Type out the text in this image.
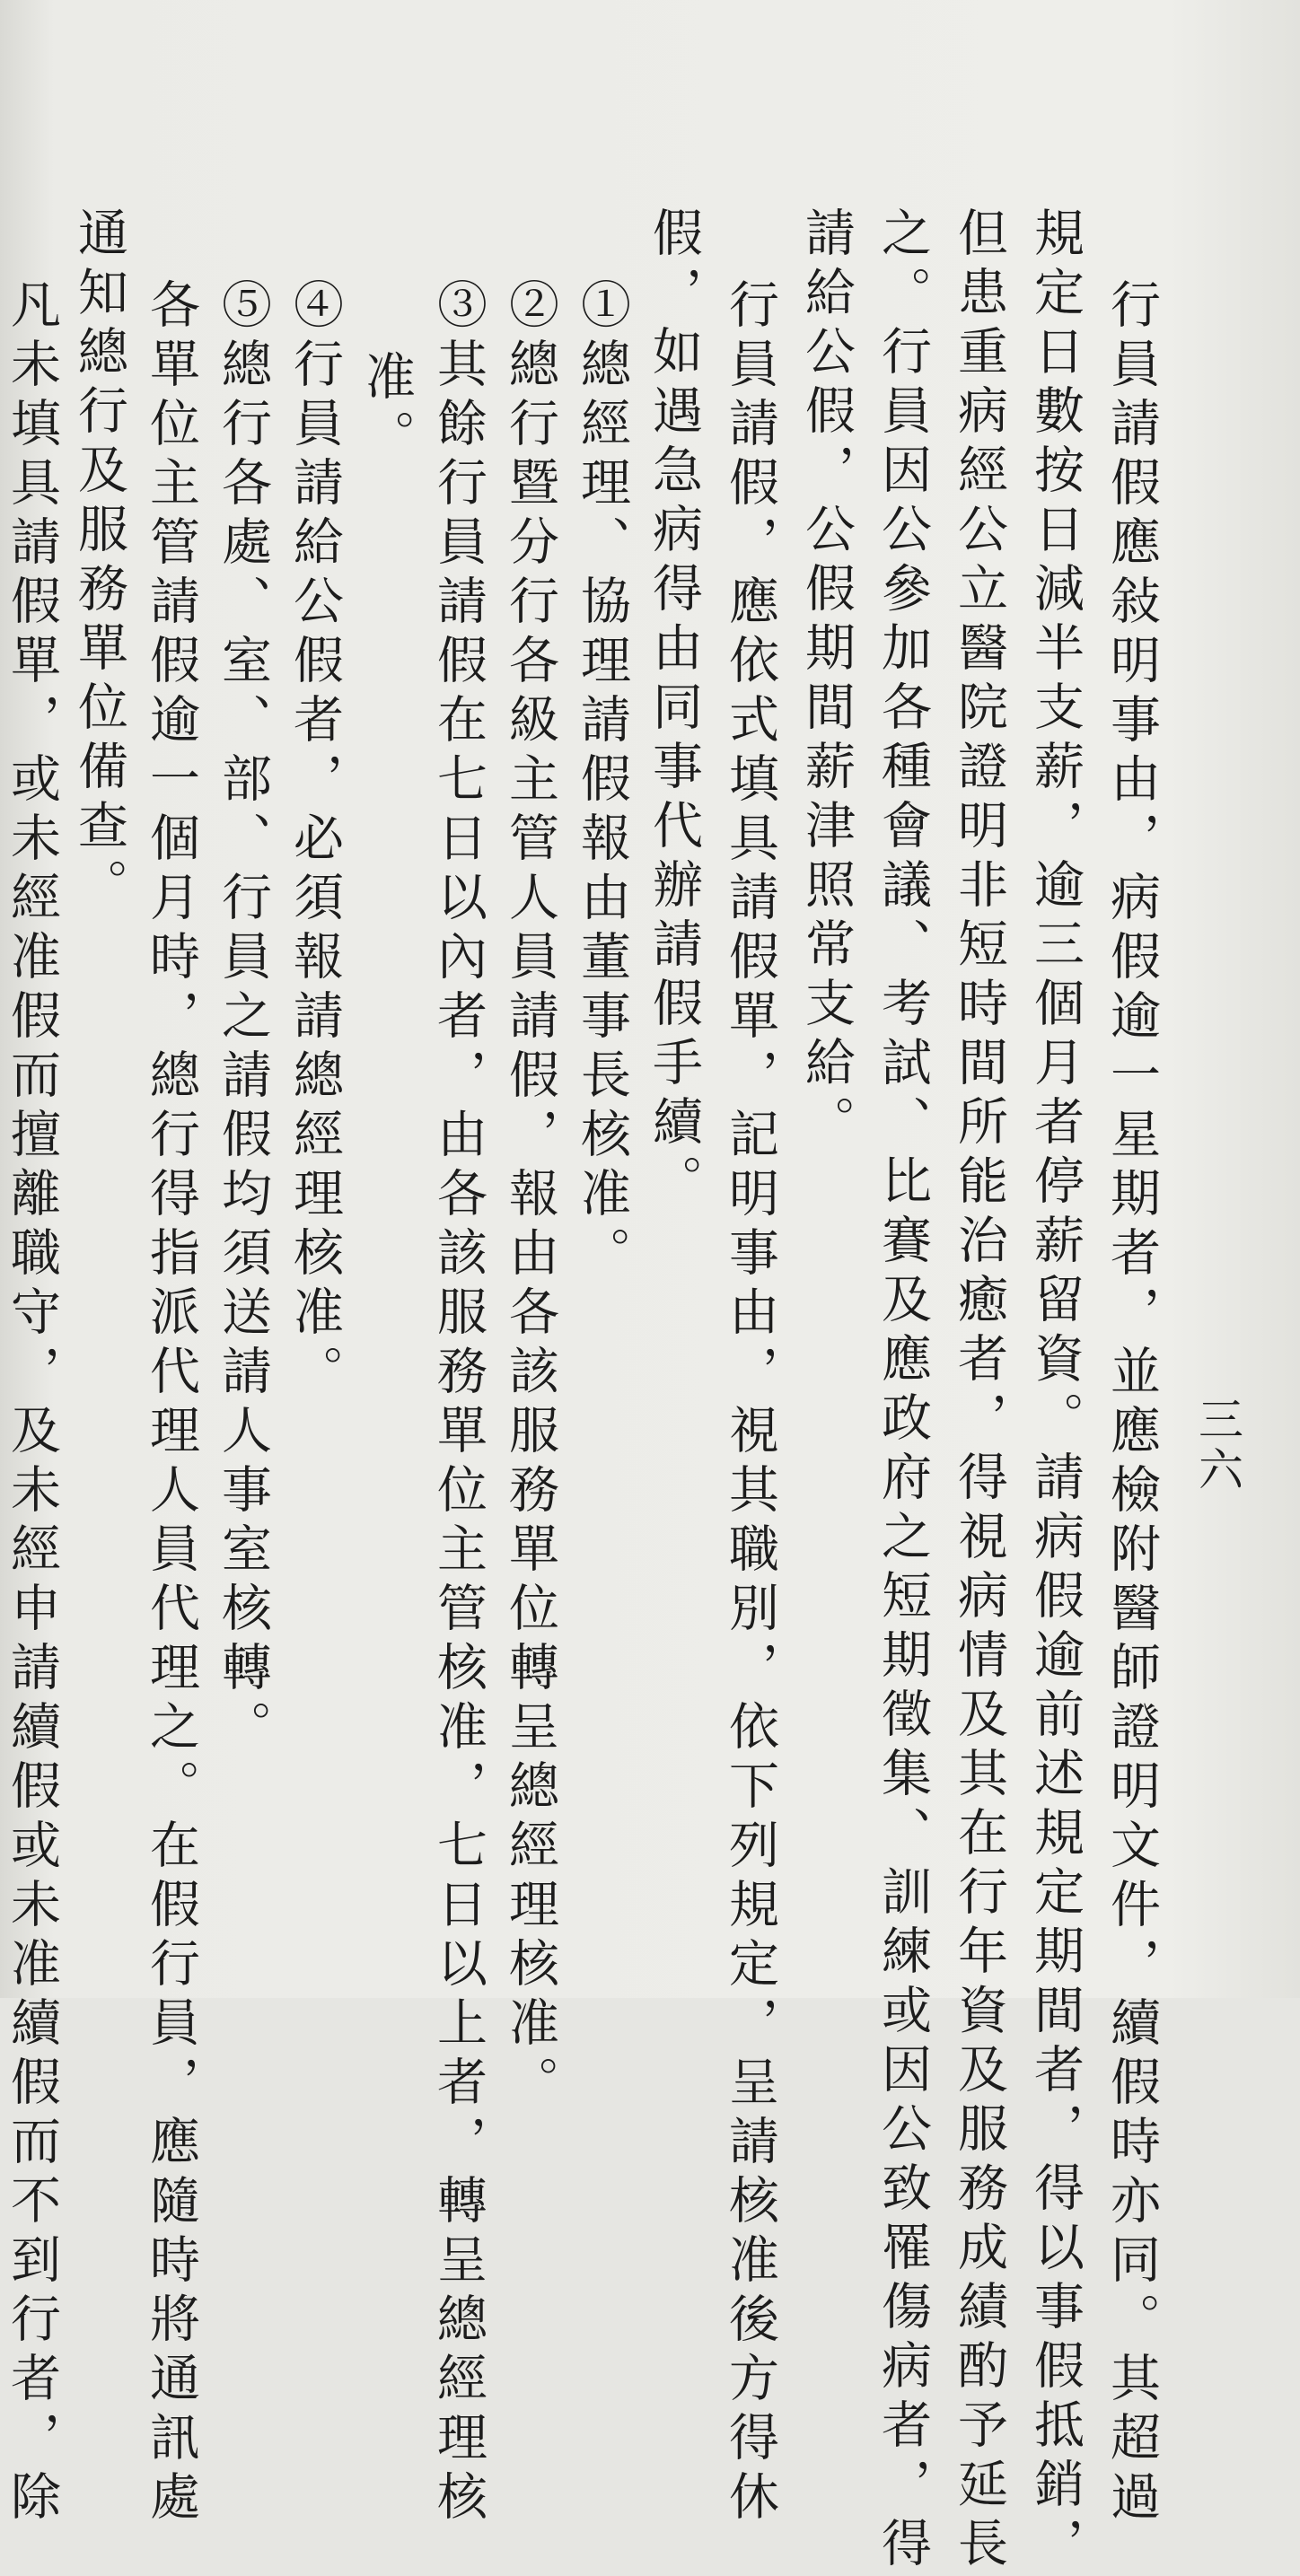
三六
行員請假應敍明事由，病假逾一星期者，並應檢附醫師證明文件，續假時亦同。其超過
規定日數按日減半支薪，逾三個月者停薪留資。請病假逾前述規定期間者，得以事假抵銷，
但患重病經公立醫院證明非短時間所能治癒者，得視病情及其在行年資及服務成績酌予延長
之。行員因公參加各種會議、考試、比賽及應政府之短期徵集、訓練或因公致罹傷病者，得
請給公假，公假期間薪津照常支給。
行員請假，應依式填具請假單，記明事由，視其職別，依下列規定，呈請核准後方得休
假，如遇急病得由同事代辦請假手續。
①總經理、協理請假報由董事長核准。
②總行暨分行各級主管人員請假，報由各該服務單位轉呈總經理核准。
③其餘行員請假在七日以內者，由各該服務單位主管核准，七日以上者，轉呈總經理核
准。
④行員請給公假者，必須報請總經理核准。
⑤總行各處、室、部、行員之請假均須送請人事室核轉。
各單位主管請假逾一個月時，總行得指派代理人員代理之。在假行員，應隨時將通訊處
通知總行及服務單位備查。
凡未填具請假單，或未經准假而擅離職守，及未經申請續假或未准續假而不到行者，除
